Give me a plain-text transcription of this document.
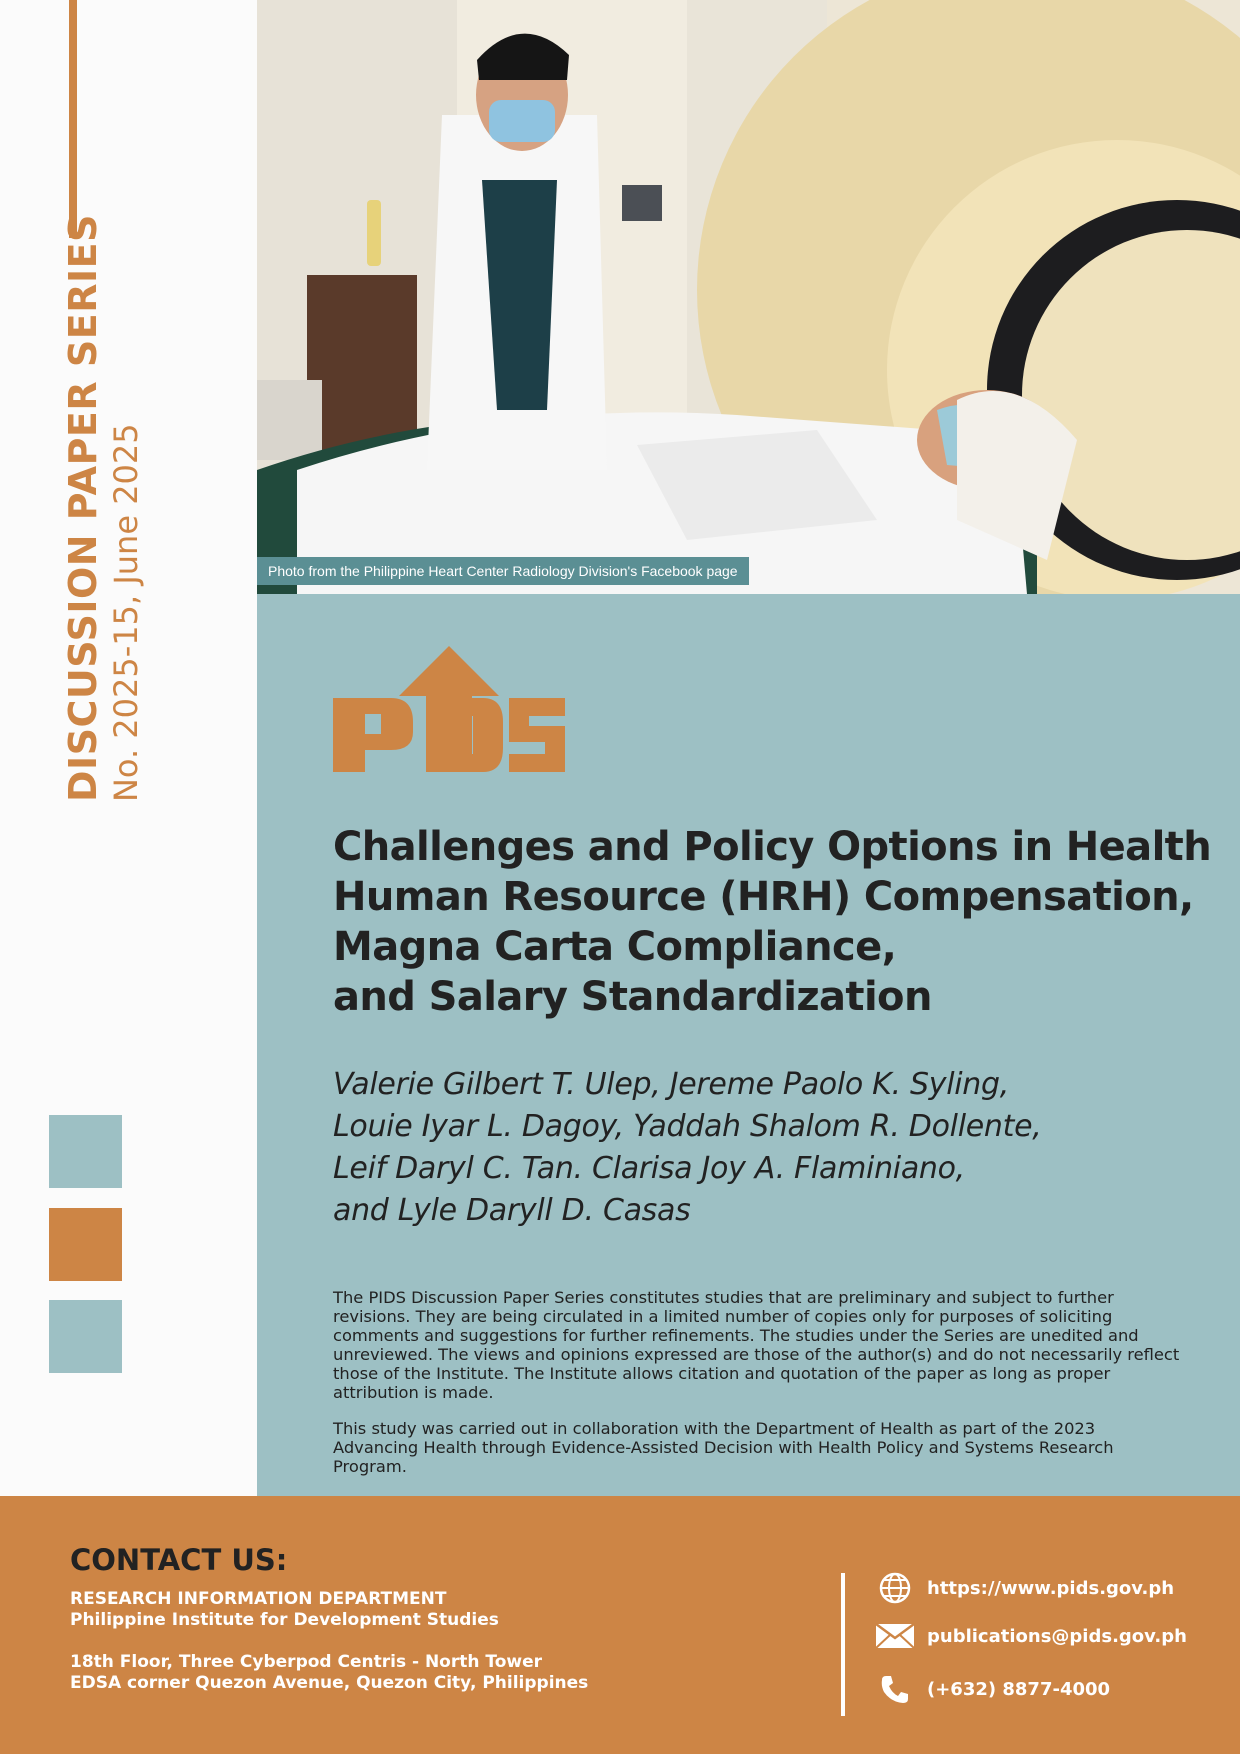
DISCUSSION PAPER SERIES No. 2025-15, June 2025	Photo from the Philippine Heart Center Radiology Division's Facebook page
Challenges and Policy Options in Health
Human Resource (HRH) Compensation,
Magna Carta Compliance,
and Salary Standardization
Valerie Gilbert T. Ulep, Jereme Paolo K. Syling,
Louie Iyar L. Dagoy, Yaddah Shalom R. Dollente,
Leif Daryl C. Tan. Clarisa Joy A. Flaminiano,
and Lyle Daryll D. Casas

The PIDS Discussion Paper Series constitutes studies that are preliminary and subject to further revisions. They are being circulated in a limited number of copies only for purposes of soliciting comments and suggestions for further refinements. The studies under the Series are unedited and unreviewed. The views and opinions expressed are those of the author(s) and do not necessarily reflect those of the Institute. The Institute allows citation and quotation of the paper as long as proper attribution is made.

This study was carried out in collaboration with the Department of Health as part of the 2023 Advancing Health through Evidence-Assisted Decision with Health Policy and Systems Research Program.

CONTACT US:
RESEARCH INFORMATION DEPARTMENT
Philippine Institute for Development Studies
18th Floor, Three Cyberpod Centris - North Tower
EDSA corner Quezon Avenue, Quezon City, Philippines
https://www.pids.gov.ph
publications@pids.gov.ph
(+632) 8877-4000
